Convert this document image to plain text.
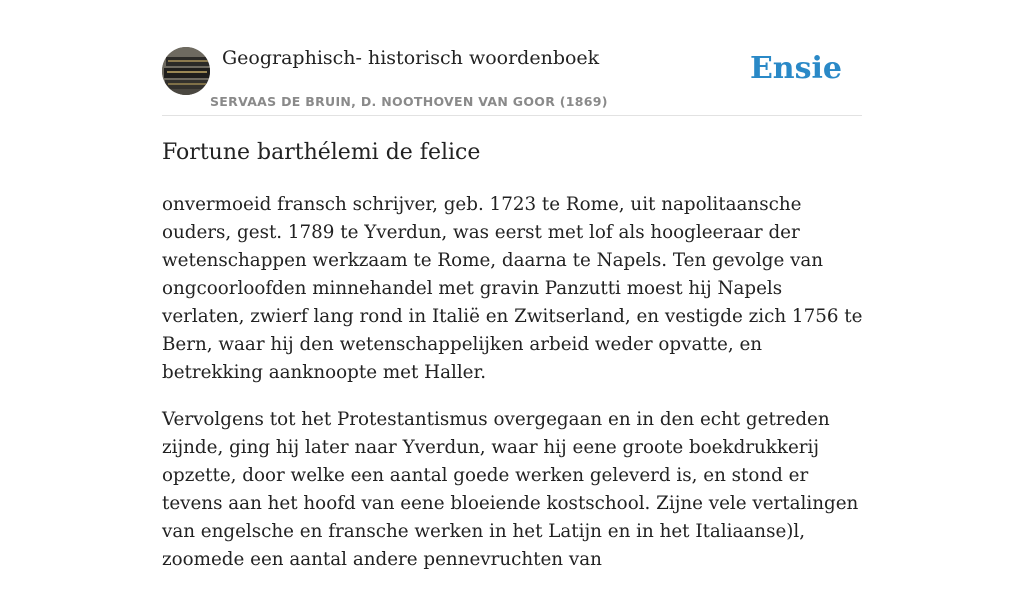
Geographisch- historisch woordenboek
SERVAAS DE BRUIN, D. NOOTHOVEN VAN GOOR (1869)
Ensie
Fortune barthélemi de felice

onvermoeid fransch schrijver, geb. 1723 te Rome, uit napolitaansche ouders, gest. 1789 te Yverdun, was eerst met lof als hoogleeraar der wetenschappen werkzaam te Rome, daarna te Napels. Ten gevolge van ongcoorloofden minnehandel met gravin Panzutti moest hij Napels verlaten, zwierf lang rond in Italië en Zwitserland, en vestigde zich 1756 te Bern, waar hij den wetenschappelijken arbeid weder opvatte, en betrekking aanknoopte met Haller.

Vervolgens tot het Protestantismus overgegaan en in den echt getreden zijnde, ging hij later naar Yverdun, waar hij eene groote boekdrukkerij opzette, door welke een aantal goede werken geleverd is, en stond er tevens aan het hoofd van eene bloeiende kostschool. Zijne vele vertalingen van engelsche en fransche werken in het Latijn en in het Italiaanse)l, zoomede een aantal andere pennevruchten van
